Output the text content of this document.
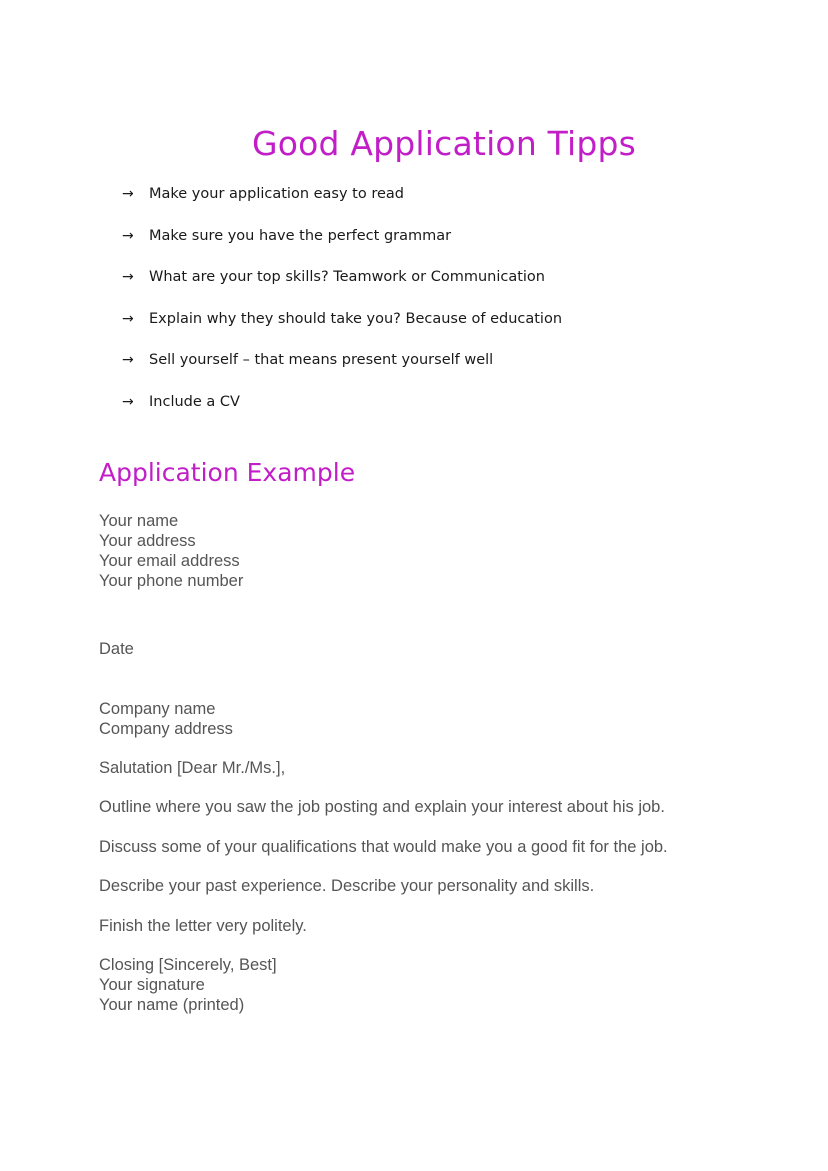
Good Application Tipps
→	Make your application easy to read
→	Make sure you have the perfect grammar
→	What are your top skills? Teamwork or Communication
→	Explain why they should take you? Because of education
→	Sell yourself – that means present yourself well
→	Include a CV
Application Example
Your name
Your address
Your email address
Your phone number
Date
Company name
Company address
Salutation [Dear Mr./Ms.],
Outline where you saw the job posting and explain your interest about his job.
Discuss some of your qualifications that would make you a good fit for the job.
Describe your past experience. Describe your personality and skills.
Finish the letter very politely.
Closing [Sincerely, Best]
Your signature
Your name (printed)
